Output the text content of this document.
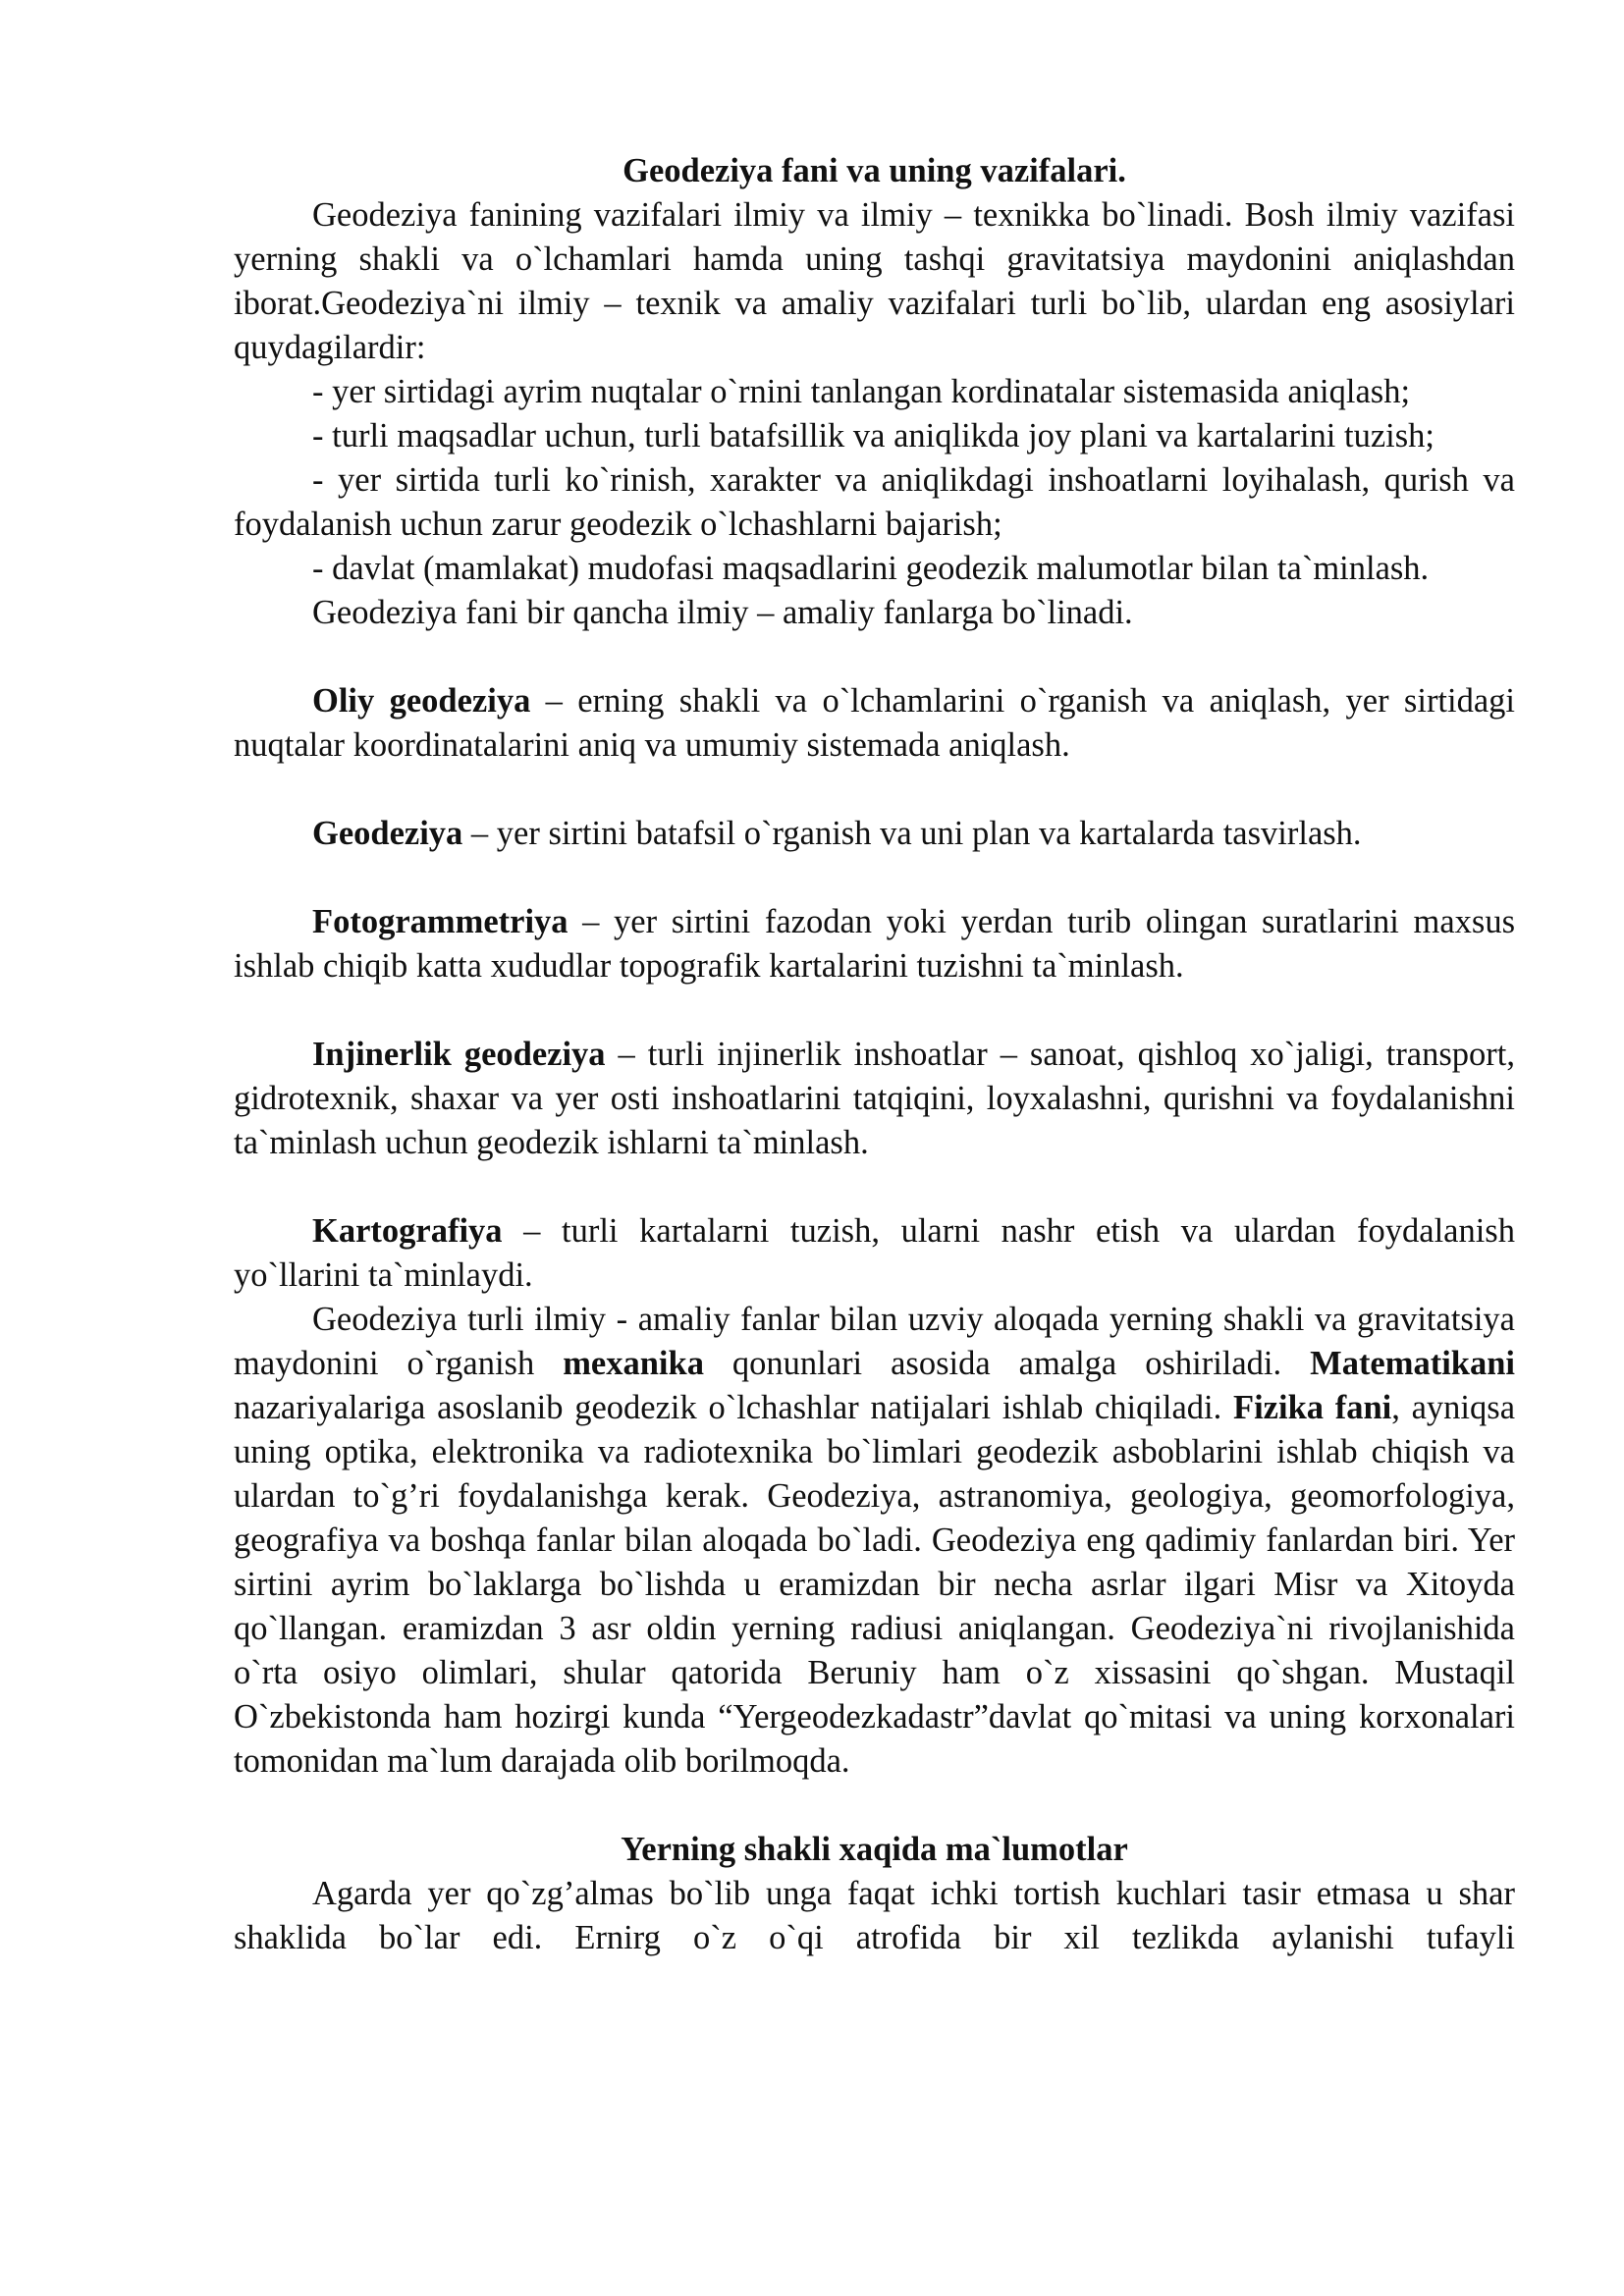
Geodeziya fani va uning vazifalari.

Geodeziya fanining vazifalari ilmiy va ilmiy – texnikka bo`linadi. Bosh ilmiy vazifasi yerning shakli va o`lchamlari hamda uning tashqi gravitatsiya maydonini aniqlashdan iborat.Geodeziya`ni ilmiy – texnik va amaliy vazifalari turli bo`lib, ulardan eng asosiylari quydagilardir:

- yer sirtidagi ayrim nuqtalar o`rnini tanlangan kordinatalar sistemasida aniqlash;

- turli maqsadlar uchun, turli batafsillik va aniqlikda joy plani va kartalarini tuzish;

- yer sirtida turli ko`rinish, xarakter va aniqlikdagi inshoatlarni loyihalash, qurish va foydalanish uchun zarur geodezik o`lchashlarni bajarish;

- davlat (mamlakat) mudofasi maqsadlarini geodezik malumotlar bilan ta`minlash.

Geodeziya fani bir qancha ilmiy – amaliy fanlarga bo`linadi.

Oliy geodeziya – erning shakli va o`lchamlarini o`rganish va aniqlash, yer sirtidagi nuqtalar koordinatalarini aniq va umumiy sistemada aniqlash.

Geodeziya – yer sirtini batafsil o`rganish va uni plan va kartalarda tasvirlash.

Fotogrammetriya – yer sirtini fazodan yoki yerdan turib olingan suratlarini maxsus ishlab chiqib katta xududlar topografik kartalarini tuzishni ta`minlash.

Injinerlik geodeziya – turli injinerlik inshoatlar – sanoat, qishloq xo`jaligi, transport, gidrotexnik, shaxar va yer osti inshoatlarini tatqiqini, loyxalashni, qurishni va foydalanishni ta`minlash uchun geodezik ishlarni ta`minlash.

Kartografiya – turli kartalarni tuzish, ularni nashr etish va ulardan foydalanish yo`llarini ta`minlaydi.

Geodeziya turli ilmiy - amaliy fanlar bilan uzviy aloqada yerning shakli va gravitatsiya maydonini o`rganish mexanika qonunlari asosida amalga oshiriladi. Matematikani nazariyalariga asoslanib geodezik o`lchashlar natijalari ishlab chiqiladi. Fizika fani, ayniqsa uning optika, elektronika va radiotexnika bo`limlari geodezik asboblarini ishlab chiqish va ulardan to`g’ri foydalanishga kerak. Geodeziya, astranomiya, geologiya, geomorfologiya, geografiya va boshqa fanlar bilan aloqada bo`ladi. Geodeziya eng qadimiy fanlardan biri. Yer sirtini ayrim bo`laklarga bo`lishda u eramizdan bir necha asrlar ilgari Misr va Xitoyda qo`llangan. eramizdan 3 asr oldin yerning radiusi aniqlangan. Geodeziya`ni rivojlanishida o`rta osiyo olimlari, shular qatorida Beruniy ham o`z xissasini qo`shgan. Mustaqil O`zbekistonda ham hozirgi kunda “Yergeodezkadastr”davlat qo`mitasi va uning korxonalari tomonidan ma`lum darajada olib borilmoqda.

Yerning shakli xaqida ma`lumotlar

Agarda yer qo`zg’almas bo`lib unga faqat ichki tortish kuchlari tasir etmasa u shar shaklida bo`lar edi. Ernirg o`z o`qi atrofida bir xil tezlikda aylanishi tufayli
